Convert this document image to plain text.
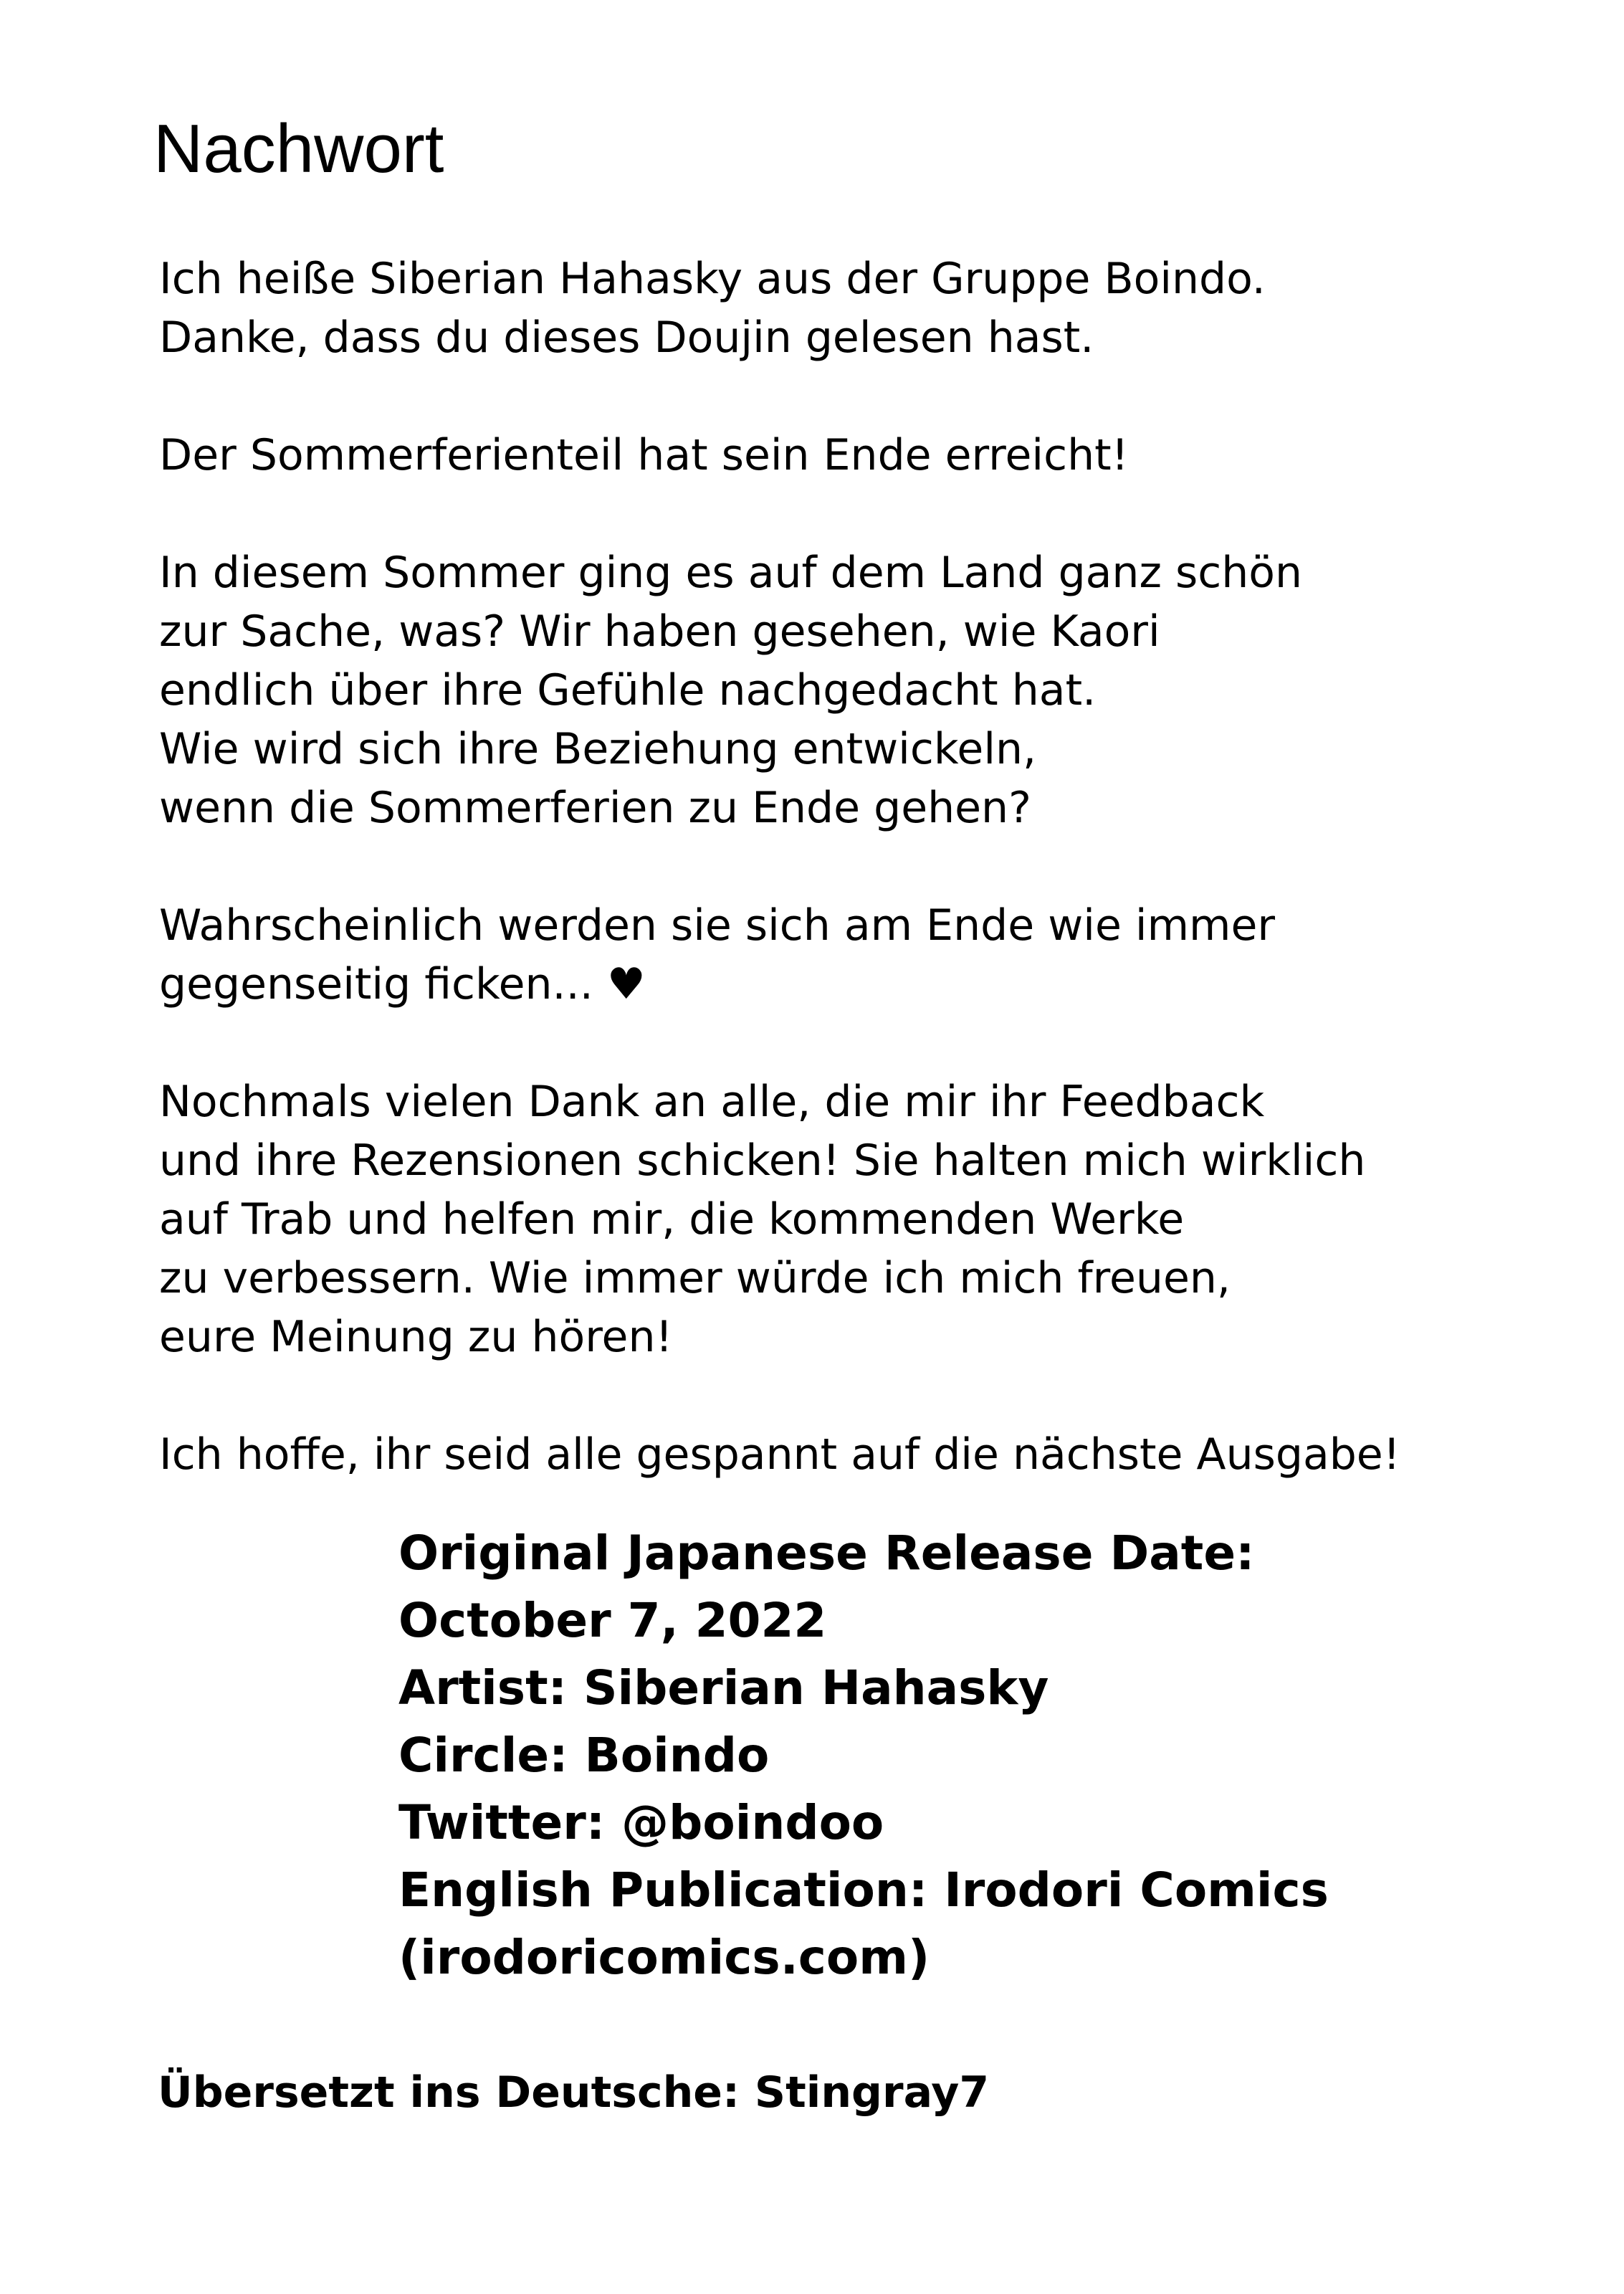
Nachwort

Ich heiße Siberian Hahasky aus der Gruppe Boindo.
Danke, dass du dieses Doujin gelesen hast.

Der Sommerferienteil hat sein Ende erreicht!

In diesem Sommer ging es auf dem Land ganz schön
zur Sache, was? Wir haben gesehen, wie Kaori
endlich über ihre Gefühle nachgedacht hat.
Wie wird sich ihre Beziehung entwickeln,
wenn die Sommerferien zu Ende gehen?

Wahrscheinlich werden sie sich am Ende wie immer
gegenseitig ficken... ♥

Nochmals vielen Dank an alle, die mir ihr Feedback
und ihre Rezensionen schicken! Sie halten mich wirklich
auf Trab und helfen mir, die kommenden Werke
zu verbessern. Wie immer würde ich mich freuen,
eure Meinung zu hören!

Ich hoffe, ihr seid alle gespannt auf die nächste Ausgabe!

Original Japanese Release Date:
October 7, 2022
Artist: Siberian Hahasky
Circle: Boindo
Twitter: @boindoo
English Publication: Irodori Comics
(irodoricomics.com)
Übersetzt ins Deutsche: Stingray7
